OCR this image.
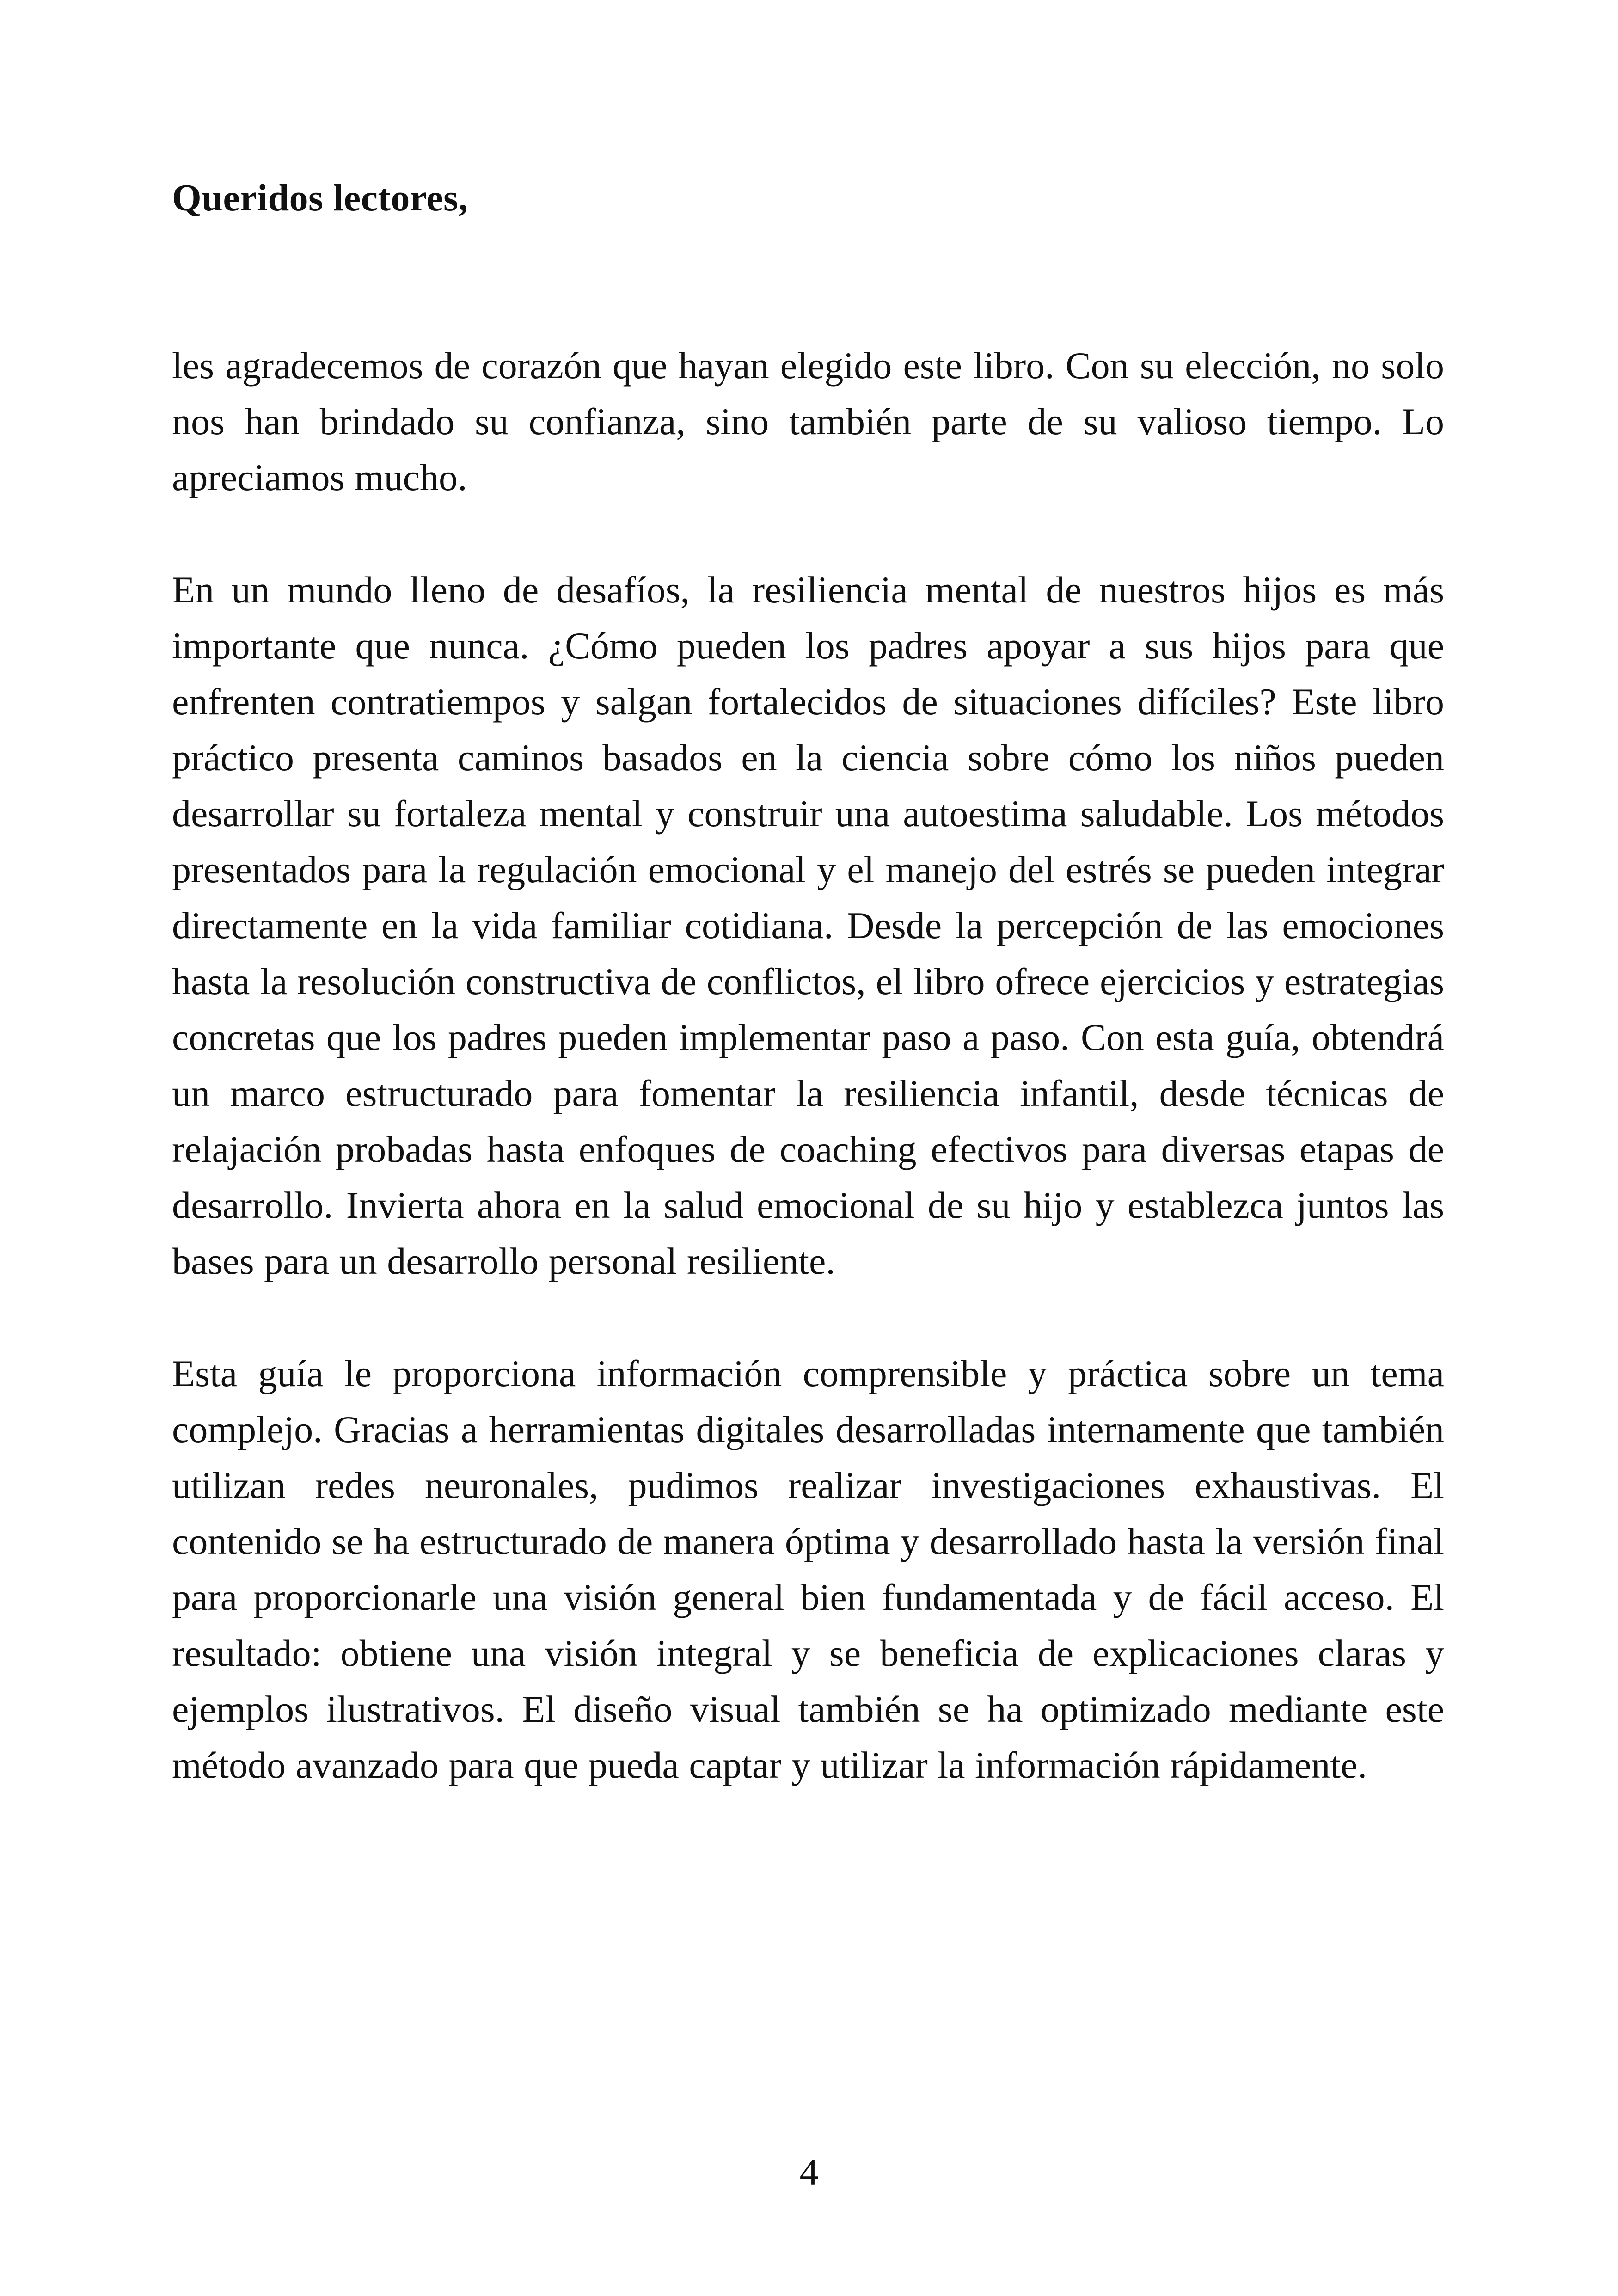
Queridos lectores,

les agradecemos de corazón que hayan elegido este libro. Con su elección, no solo nos han brindado su confianza, sino también parte de su valioso tiempo. Lo apreciamos mucho.

En un mundo lleno de desafíos, la resiliencia mental de nuestros hijos es más importante que nunca. ¿Cómo pueden los padres apoyar a sus hijos para que enfrenten contratiempos y salgan fortalecidos de situaciones difíciles? Este libro práctico presenta caminos basados en la ciencia sobre cómo los niños pueden desarrollar su fortaleza mental y construir una autoestima saludable. Los métodos presentados para la regulación emocional y el manejo del estrés se pueden integrar directamente en la vida familiar cotidiana. Desde la percepción de las emociones hasta la resolución constructiva de conflictos, el libro ofrece ejercicios y estrategias concretas que los padres pueden implementar paso a paso. Con esta guía, obtendrá un marco estructurado para fomentar la resiliencia infantil, desde técnicas de relajación probadas hasta enfoques de coaching efectivos para diversas etapas de desarrollo. Invierta ahora en la salud emocional de su hijo y establezca juntos las bases para un desarrollo personal resiliente.

Esta guía le proporciona información comprensible y práctica sobre un tema complejo. Gracias a herramientas digitales desarrolladas internamente que también utilizan redes neuronales, pudimos realizar investigaciones exhaustivas. El contenido se ha estructurado de manera óptima y desarrollado hasta la versión final para proporcionarle una visión general bien fundamentada y de fácil acceso. El resultado: obtiene una visión integral y se beneficia de explicaciones claras y ejemplos ilustrativos. El diseño visual también se ha optimizado mediante este método avanzado para que pueda captar y utilizar la información rápidamente.

4
